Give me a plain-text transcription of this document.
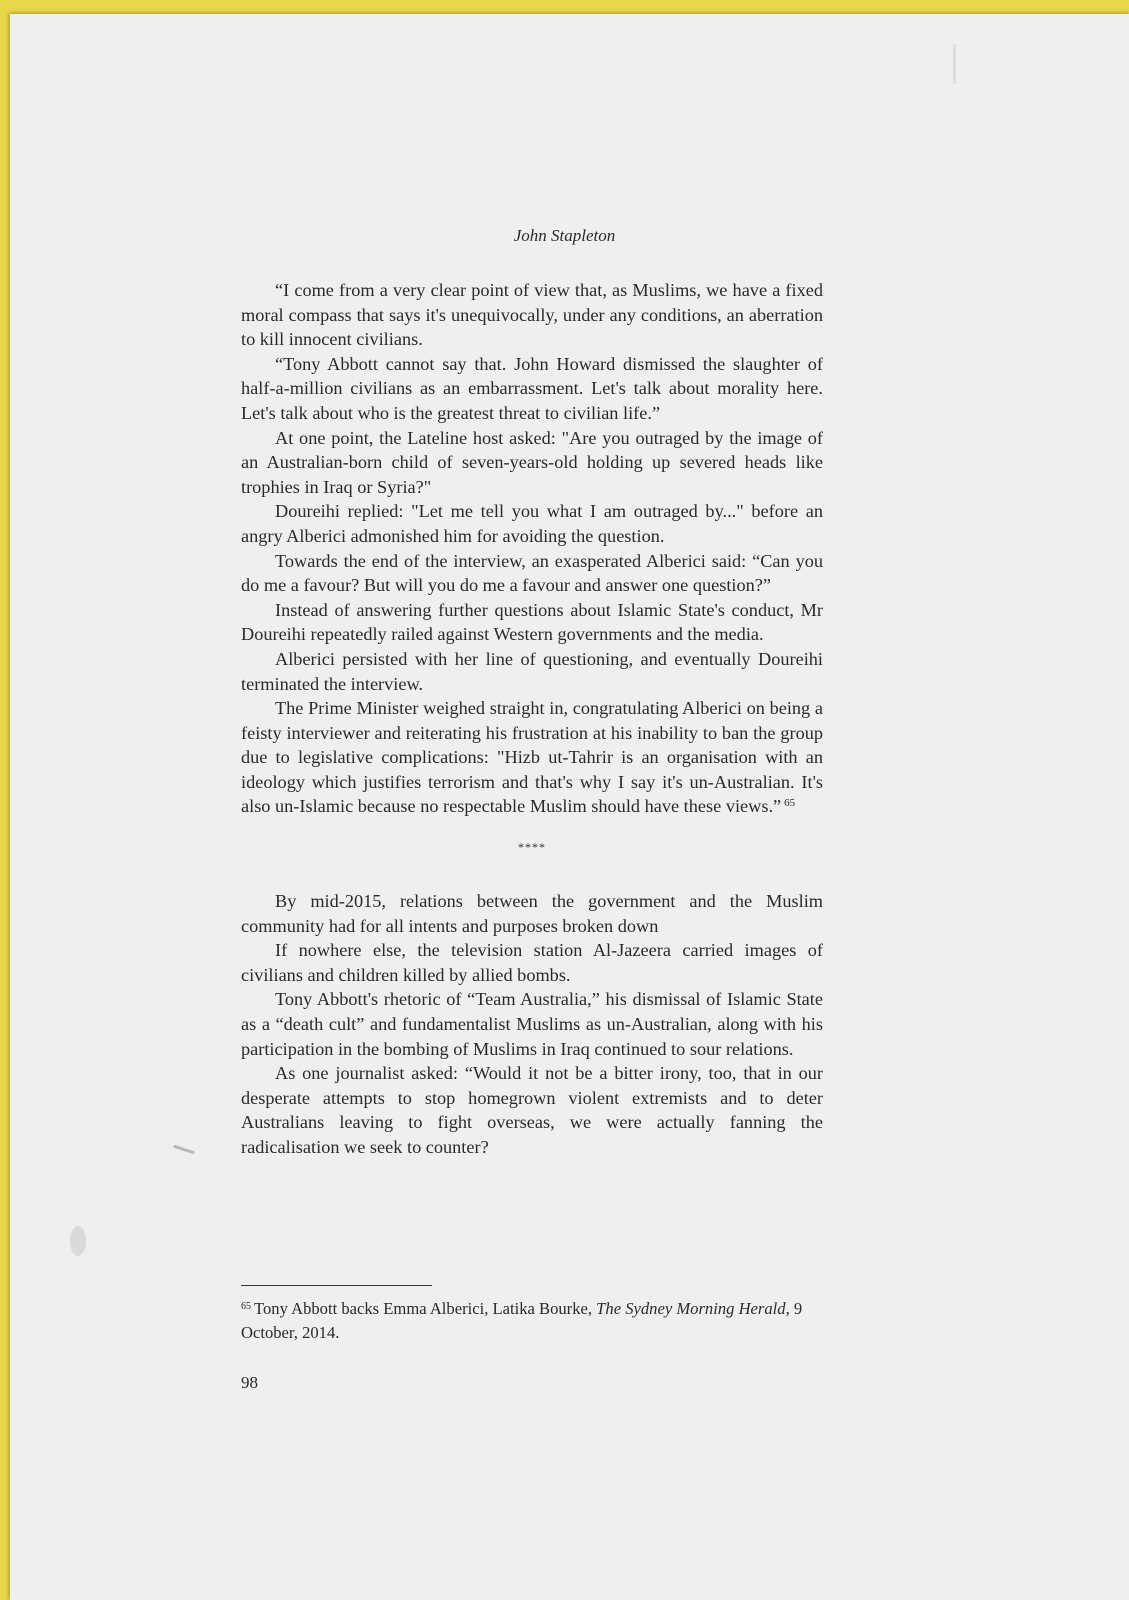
John Stapleton

“I come from a very clear point of view that, as Muslims, we have a fixed moral compass that says it's unequivocally, under any conditions, an aberration to kill innocent civilians.

“Tony Abbott cannot say that. John Howard dismissed the slaughter of half-a-million civilians as an embarrassment. Let's talk about morality here. Let's talk about who is the greatest threat to civilian life.”

At one point, the Lateline host asked: "Are you outraged by the image of an Australian-born child of seven-years-old holding up severed heads like trophies in Iraq or Syria?"

Doureihi replied: "Let me tell you what I am outraged by..." before an angry Alberici admonished him for avoiding the question.

Towards the end of the interview, an exasperated Alberici said: “Can you do me a favour? But will you do me a favour and answer one question?”

Instead of answering further questions about Islamic State's conduct, Mr Doureihi repeatedly railed against Western governments and the media.

Alberici persisted with her line of questioning, and eventually Doureihi terminated the interview.

The Prime Minister weighed straight in, congratulating Alberici on being a feisty interviewer and reiterating his frustration at his inability to ban the group due to legislative complications: "Hizb ut-Tahrir is an organisation with an ideology which justifies terrorism and that's why I say it's un-Australian. It's also un-Islamic because no respectable Muslim should have these views.” $^{65}$

****

By mid-2015, relations between the government and the Muslim community had for all intents and purposes broken down

If nowhere else, the television station Al-Jazeera carried images of civilians and children killed by allied bombs.

Tony Abbott's rhetoric of “Team Australia,” his dismissal of Islamic State as a “death cult” and fundamentalist Muslims as un-Australian, along with his participation in the bombing of Muslims in Iraq continued to sour relations.

As one journalist asked: “Would it not be a bitter irony, too, that in our desperate attempts to stop homegrown violent extremists and to deter Australians leaving to fight overseas, we were actually fanning the radicalisation we seek to counter?

$^{65}$ Tony Abbott backs Emma Alberici, Latika Bourke, The Sydney Morning Herald, 9 October, 2014.
98
